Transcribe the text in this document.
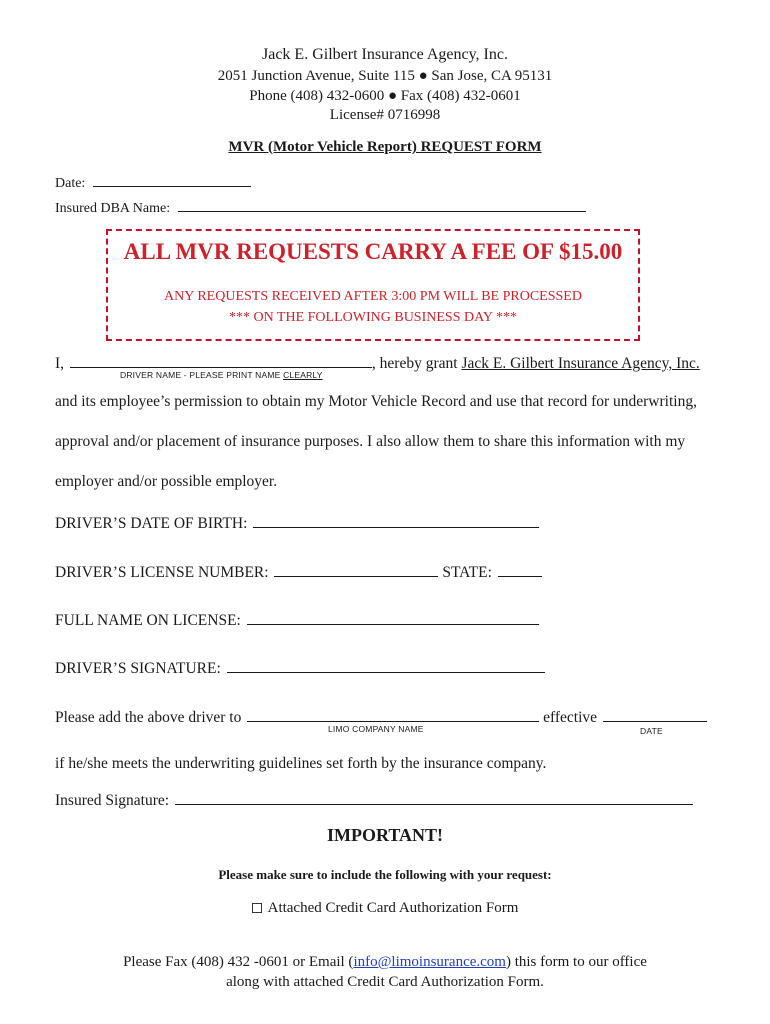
Jack E. Gilbert Insurance Agency, Inc.
2051 Junction Avenue, Suite 115 ● San Jose, CA 95131
Phone (408) 432-0600 ● Fax (408) 432-0601
License# 0716998
MVR (Motor Vehicle Report) REQUEST FORM
Date:
Insured DBA Name:
ALL MVR REQUESTS CARRY A FEE OF $15.00
ANY REQUESTS RECEIVED AFTER 3:00 PM WILL BE PROCESSED
*** ON THE FOLLOWING BUSINESS DAY ***
I,	, hereby grant Jack E. Gilbert Insurance Agency, Inc.
DRIVER NAME - PLEASE PRINT NAME CLEARLY
and its employee’s permission to obtain my Motor Vehicle Record and use that record for underwriting,
approval and/or placement of insurance purposes. I also allow them to share this information with my
employer and/or possible employer.
DRIVER’S DATE OF BIRTH:
DRIVER’S LICENSE NUMBER:	STATE:
FULL NAME ON LICENSE:
DRIVER’S SIGNATURE:
Please add the above driver to	effective
LIMO COMPANY NAME	DATE
if he/she meets the underwriting guidelines set forth by the insurance company.
Insured Signature:
IMPORTANT!
Please make sure to include the following with your request:
Attached Credit Card Authorization Form
Please Fax (408) 432 -0601 or Email (info@limoinsurance.com) this form to our office
along with attached Credit Card Authorization Form.
